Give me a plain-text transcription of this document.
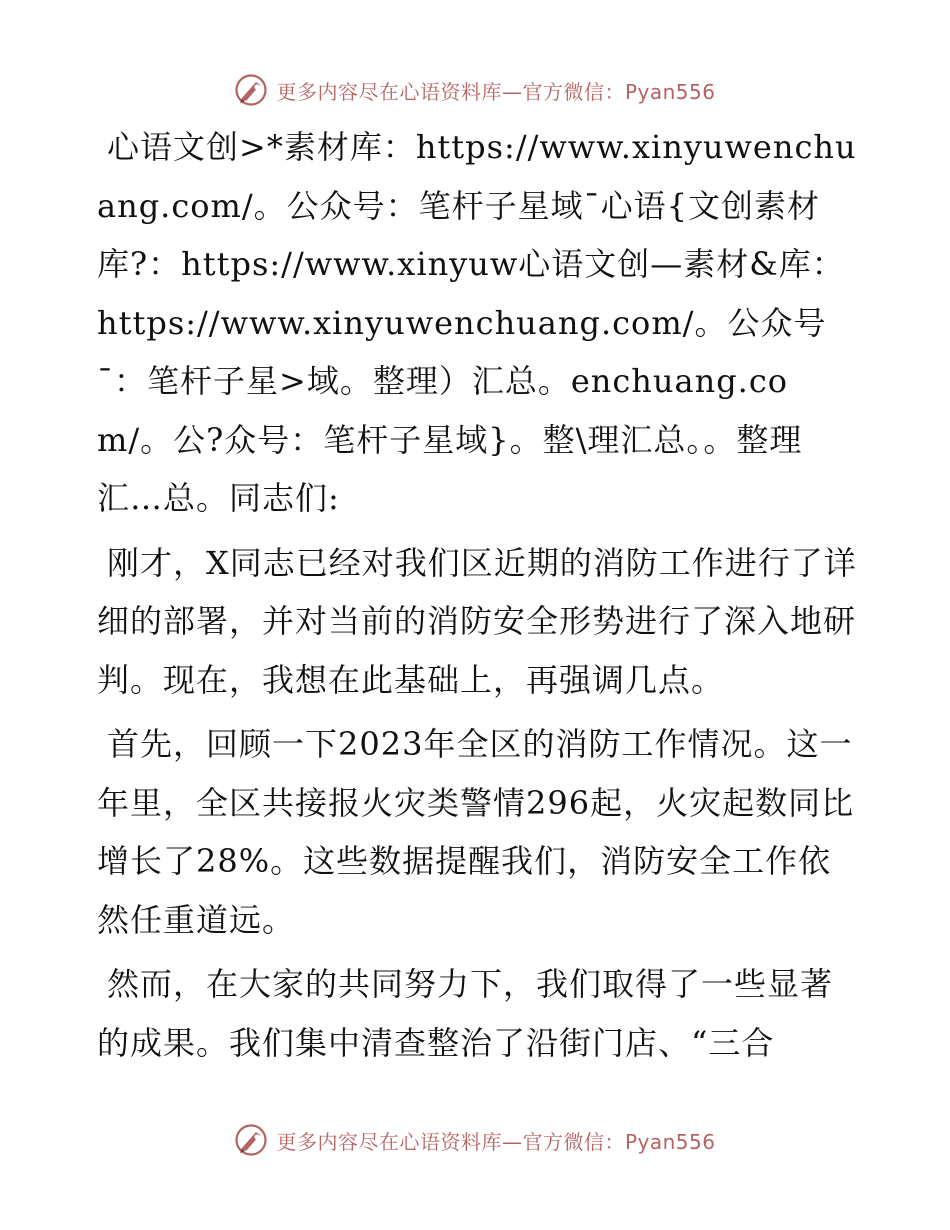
更多内容尽在心语资料库—官方微信：Pyan556

心语文创>*素材库：https://www.xinyuwenchuang.com/。公众号：笔杆子星域¯心语{文创素材库?：https://www.xinyuw心语文创—素材&库：https://www.xinyuwenchuang.com/。公众号¯：笔杆子星>域。整理）汇总。enchuang.com/。公?众号：笔杆子星域}。整\理汇总。。整理汇…总。同志们:

刚才，X同志已经对我们区近期的消防工作进行了详细的部署，并对当前的消防安全形势进行了深入地研判。现在，我想在此基础上，再强调几点。

首先，回顾一下2023年全区的消防工作情况。这一年里，全区共接报火灾类警情296起，火灾起数同比增长了28%。这些数据提醒我们，消防安全工作依然任重道远。

然而，在大家的共同努力下，我们取得了一些显著的成果。我们集中清查整治了沿街门店、“三合

更多内容尽在心语资料库—官方微信：Pyan556
